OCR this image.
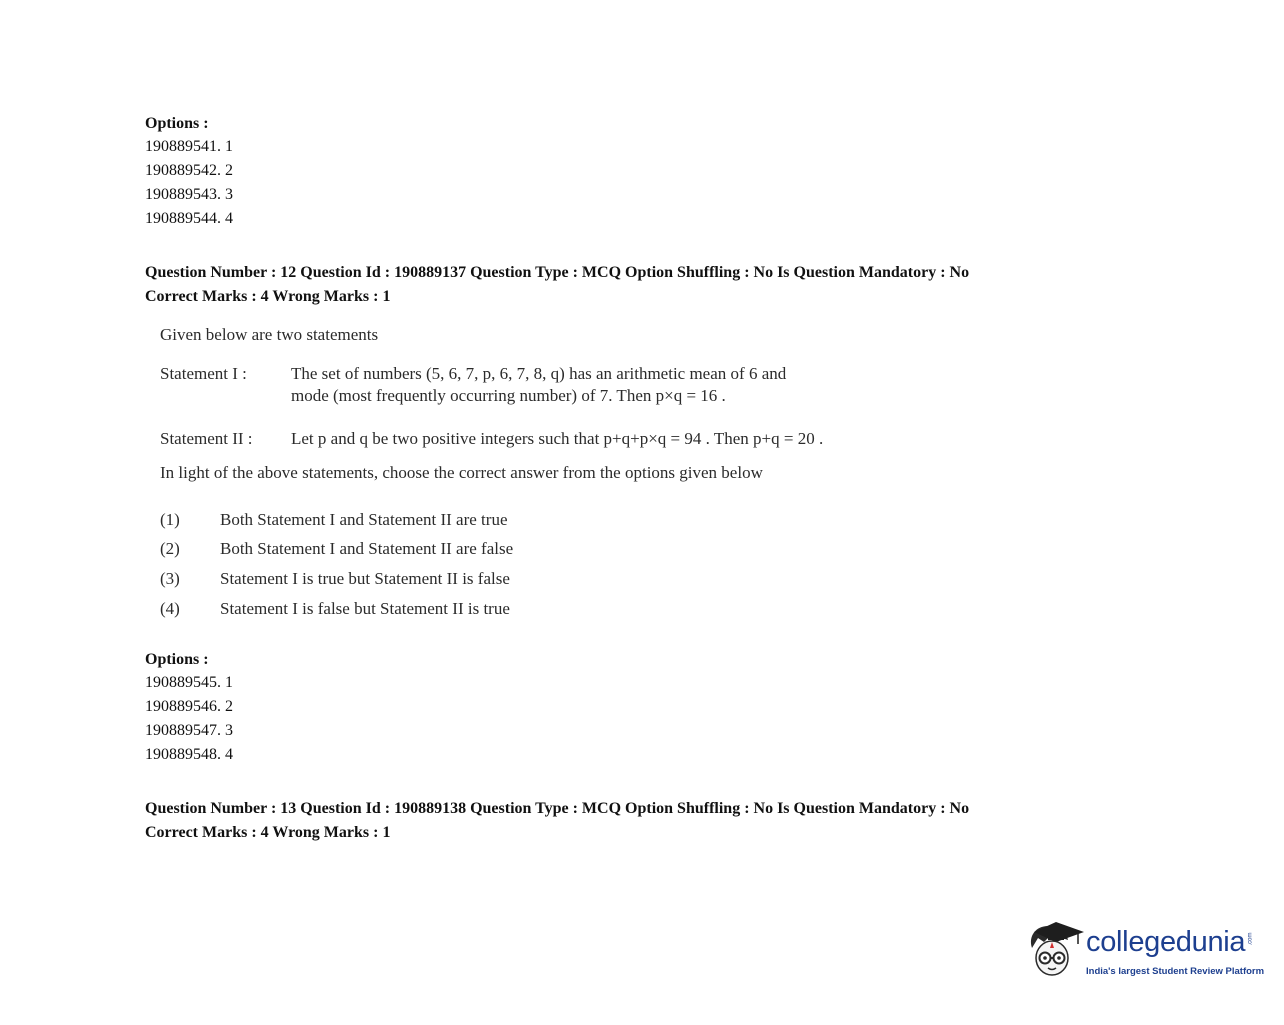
Options :
190889541. 1
190889542. 2
190889543. 3
190889544. 4
Question Number : 12 Question Id : 190889137 Question Type : MCQ Option Shuffling : No Is Question Mandatory : No
Correct Marks : 4 Wrong Marks : 1
Given below are two statements
Statement I :	The set of numbers (5, 6, 7, p, 6, 7, 8, q) has an arithmetic mean of 6 and
mode (most frequently occurring number) of 7. Then p×q = 16 .
Statement II : Let p and q be two positive integers such that p+q+p×q = 94 . Then p+q = 20 .
In light of the above statements, choose the correct answer from the options given below
(1) Both Statement I and Statement II are true
(2) Both Statement I and Statement II are false
(3) Statement I is true but Statement II is false
(4) Statement I is false but Statement II is true
Options :
190889545. 1
190889546. 2
190889547. 3
190889548. 4
Question Number : 13 Question Id : 190889138 Question Type : MCQ Option Shuffling : No Is Question Mandatory : No
Correct Marks : 4 Wrong Marks : 1
collegedunia .com
India's largest Student Review Platform
